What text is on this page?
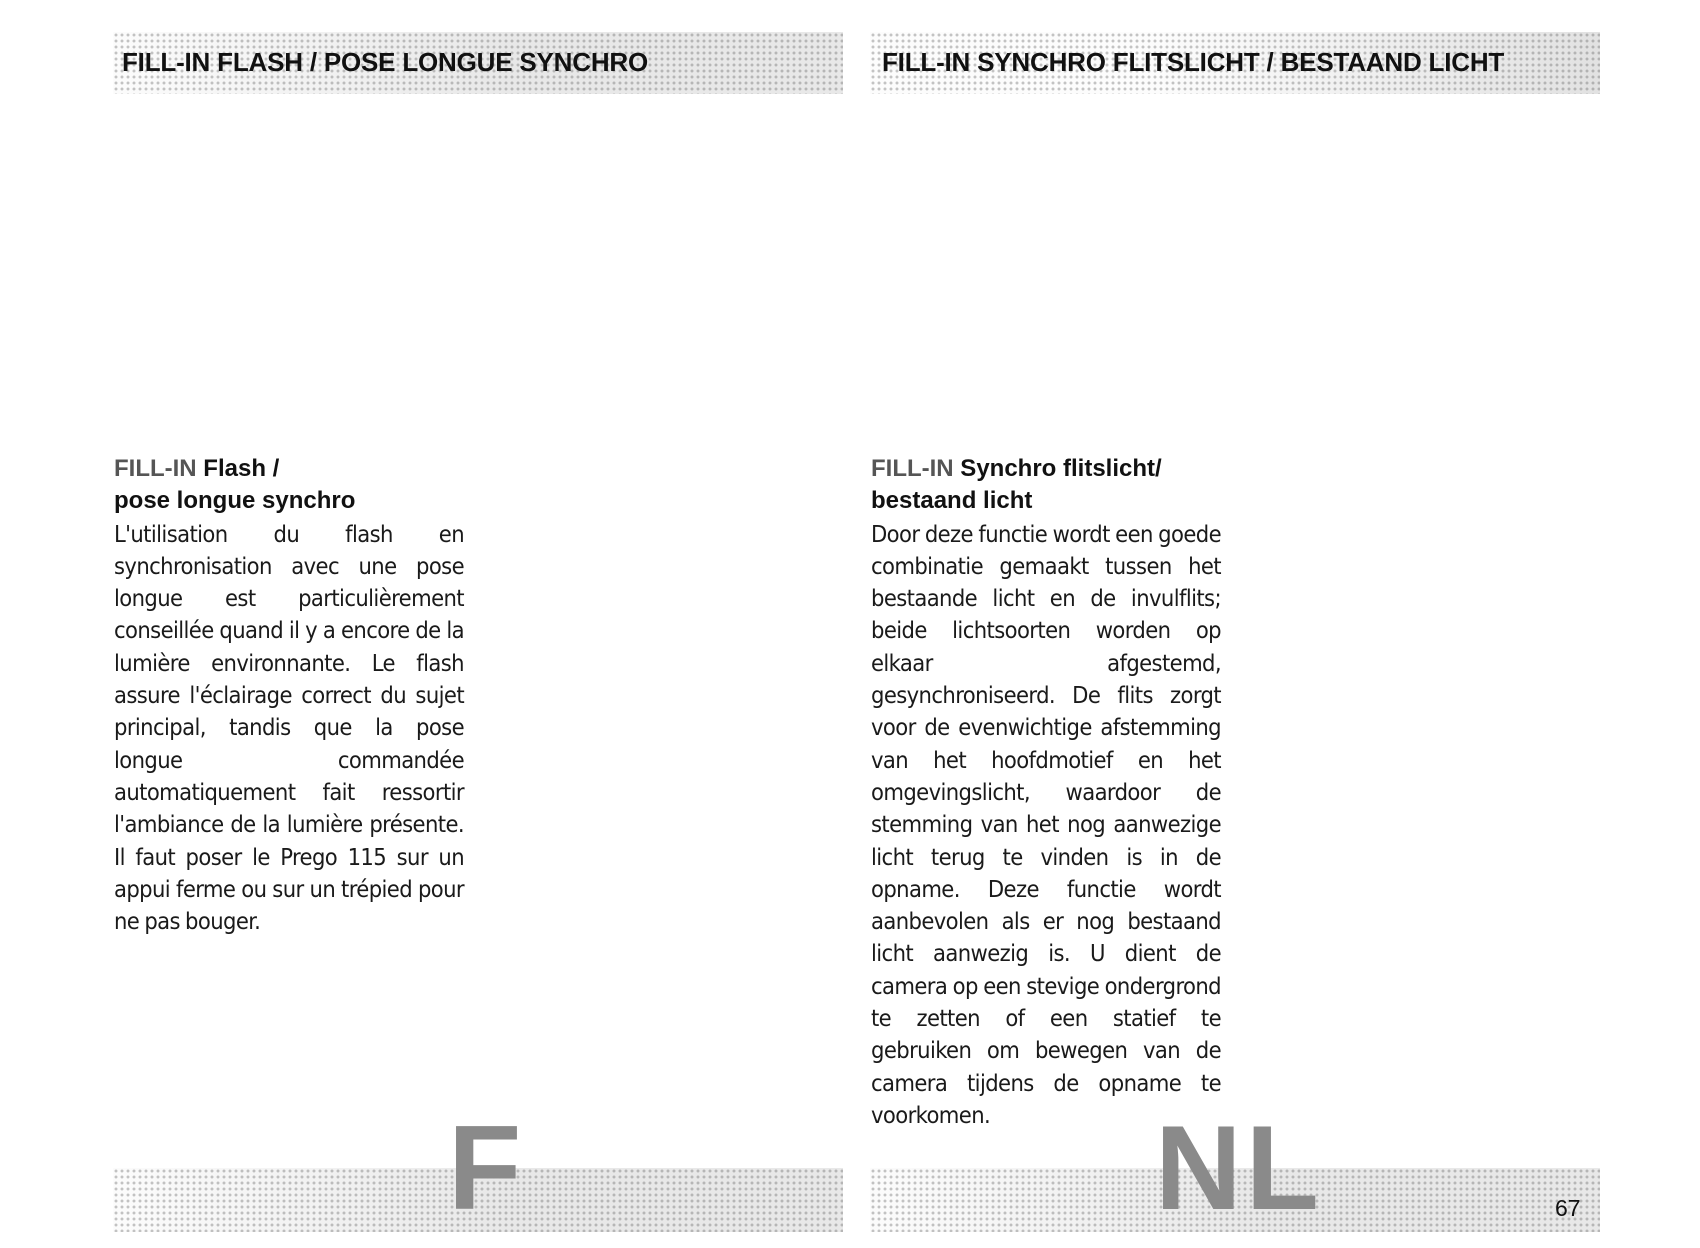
FILL-IN FLASH / POSE LONGUE SYNCHRO	FILL-IN SYNCHRO FLITSLICHT / BESTAAND LICHT
FILL-IN Flash /
pose longue synchro
L'utilisation du flash en synchronisation avec une pose longue est particulièrement conseillée quand il y a encore de la lumière environnante. Le flash assure l'éclairage correct du sujet principal, tandis que la pose longue commandée automatiquement fait ressortir l'ambiance de la lumière présente. Il faut poser le Prego 115 sur un appui ferme ou sur un trépied pour ne pas bouger.
FILL-IN Synchro flitslicht/
bestaand licht
Door deze functie wordt een goede combinatie gemaakt tussen het bestaande licht en de invulflits; beide lichtsoorten worden op elkaar afgestemd, gesynchroniseerd. De flits zorgt voor de evenwichtige afstemming van het hoofdmotief en het omgevingslicht, waardoor de stemming van het nog aanwezige licht terug te vinden is in de opname. Deze functie wordt aanbevolen als er nog bestaand licht aanwezig is. U dient de camera op een stevige ondergrond te zetten of een statief te gebruiken om bewegen van de camera tijdens de opname te voorkomen.
F	NL	67
